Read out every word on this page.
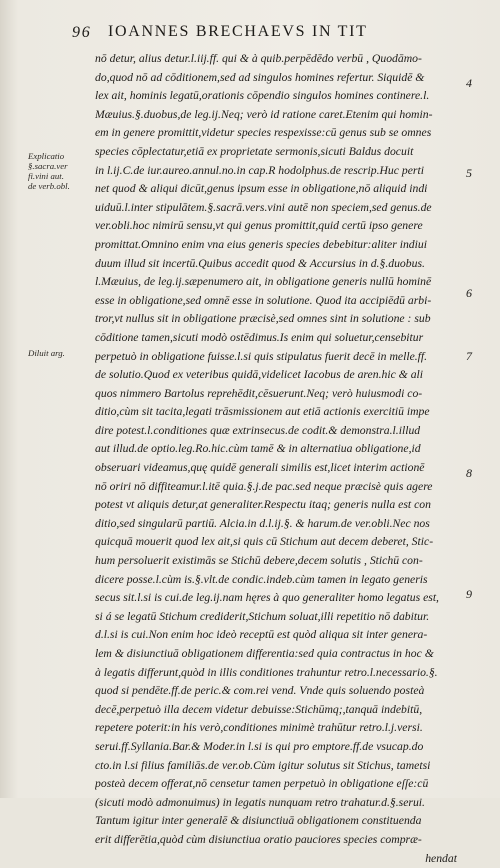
96 IOANNES BRECHAEVS IN TIT
Explicatio
§.sacra.ver
fi.vini aut.
de verb.obl.
Diluit arg.
4
5
6
7
8
9
nō detur, alius detur.l.iij.ff. qui & à quib.perpēdēdo verbū , Quodāmo-
do,quod nō ad cōditionem,sed ad singulos homines refertur. Siquidē &
lex ait, hominis legatū,orationis cōpendio singulos homines continere.l.
Mæuius.§.duobus,de leg.ij.Neq; verò id ratione caret.Etenim qui homin-
em in genere promittit,videtur species respexisse:cū genus sub se omnes
species cōplectatur,etiā ex proprietate sermonis,sicuti Baldus docuit
in l.ij.C.de iur.aureo.annul.no.in cap.R hodolphus.de rescrip.Huc perti
net quod & aliqui dicūt,genus ipsum esse in obligatione,nō aliquid indi
uiduū.l.inter stipulātem.§.sacrā.vers.vini autē non speciem,sed genus.de
ver.obli.hoc nimirū sensu,vt qui genus promittit,quid certū ipso genere
promittat.Omnino enim vna eius generis species debebitur:aliter indiui
duum illud sit incertū.Quibus accedit quod & Accursius in d.§.duobus.
l.Mæuius, de leg.ij.sæpenumero ait, in obligatione generis nullū hominē
esse in obligatione,sed omnē esse in solutione. Quod ita accipiēdū arbi-
tror,vt nullus sit in obligatione præcisè,sed omnes sint in solutione : sub
cōditione tamen,sicuti modò ostēdimus.Is enim qui soluetur,censebitur
perpetuò in obligatione fuisse.l.si quis stipulatus fuerit decē in melle.ff.
de solutio.Quod ex veteribus quidā,videlicet Iacobus de aren.hic & ali
quos nimmero Bartolus reprehēdit,cēsuerunt.Neq; verò huiusmodi co-
ditio,cùm sit tacita,legati trāsmissionem aut etiā actionis exercitiū impe
dire potest.l.conditiones quæ extrinsecus.de codit.& demonstra.l.illud
aut illud.de optio.leg.Ro.hic.cùm tamē & in alternatiua obligatione,id
obseruari videamus,quę quidē generali similis est,licet interim actionē
nō oriri nō diffiteamur.l.itē quia.§.j.de pac.sed neque præcisè quis agere
potest vt aliquis detur,at generaliter.Respectu itaq; generis nulla est con
ditio,sed singularū partiū. Alcia.in d.l.ij.§. & harum.de ver.obli.Nec nos
quicquā mouerit quod lex ait,si quis cū Stichum aut decem deberet, Stic-
hum persoluerit existimās se Stichū debere,decem solutis , Stichū con-
dicere posse.l.cùm is.§.vlt.de condic.indeb.cùm tamen in legato generis
secus sit.l.si is cui.de leg.ij.nam hęres à quo generaliter homo legatus est,
si á se legatū Stichum crediderit,Stichum soluat,illi repetitio nō dabitur.
d.l.si is cui.Non enim hoc ideò receptū est quòd aliqua sit inter genera-
lem & disiunctiuā obligationem differentia:sed quia contractus in hoc &
à legatis differunt,quòd in illis conditiones trahuntur retro.l.necessario.§.
quod si pendēte.ff.de peric.& com.rei vend. Vnde quis soluendo posteà
decē,perpetuò illa decem videtur debuisse:Stichūmq;,tanquā indebitū,
repetere poterit:in his verò,conditiones minimè trahūtur retro.l.j.versi.
serui.ff.Syllania.Bar.& Moder.in l.si is qui pro emptore.ff.de vsucap.do
cto.in l.si filius familiās.de ver.ob.Cùm igitur solutus sit Stichus, tametsi
posteà decem offerat,nō censetur tamen perpetuò in obligatione eſſe:cū
(sicuti modò admonuimus) in legatis nunquam retro trahatur.d.§.serui.
Tantum igitur inter generalē & disiunctiuā obligationem constituenda
erit differētia,quòd cùm disiunctiua oratio pauciores species compræ-
hendat
